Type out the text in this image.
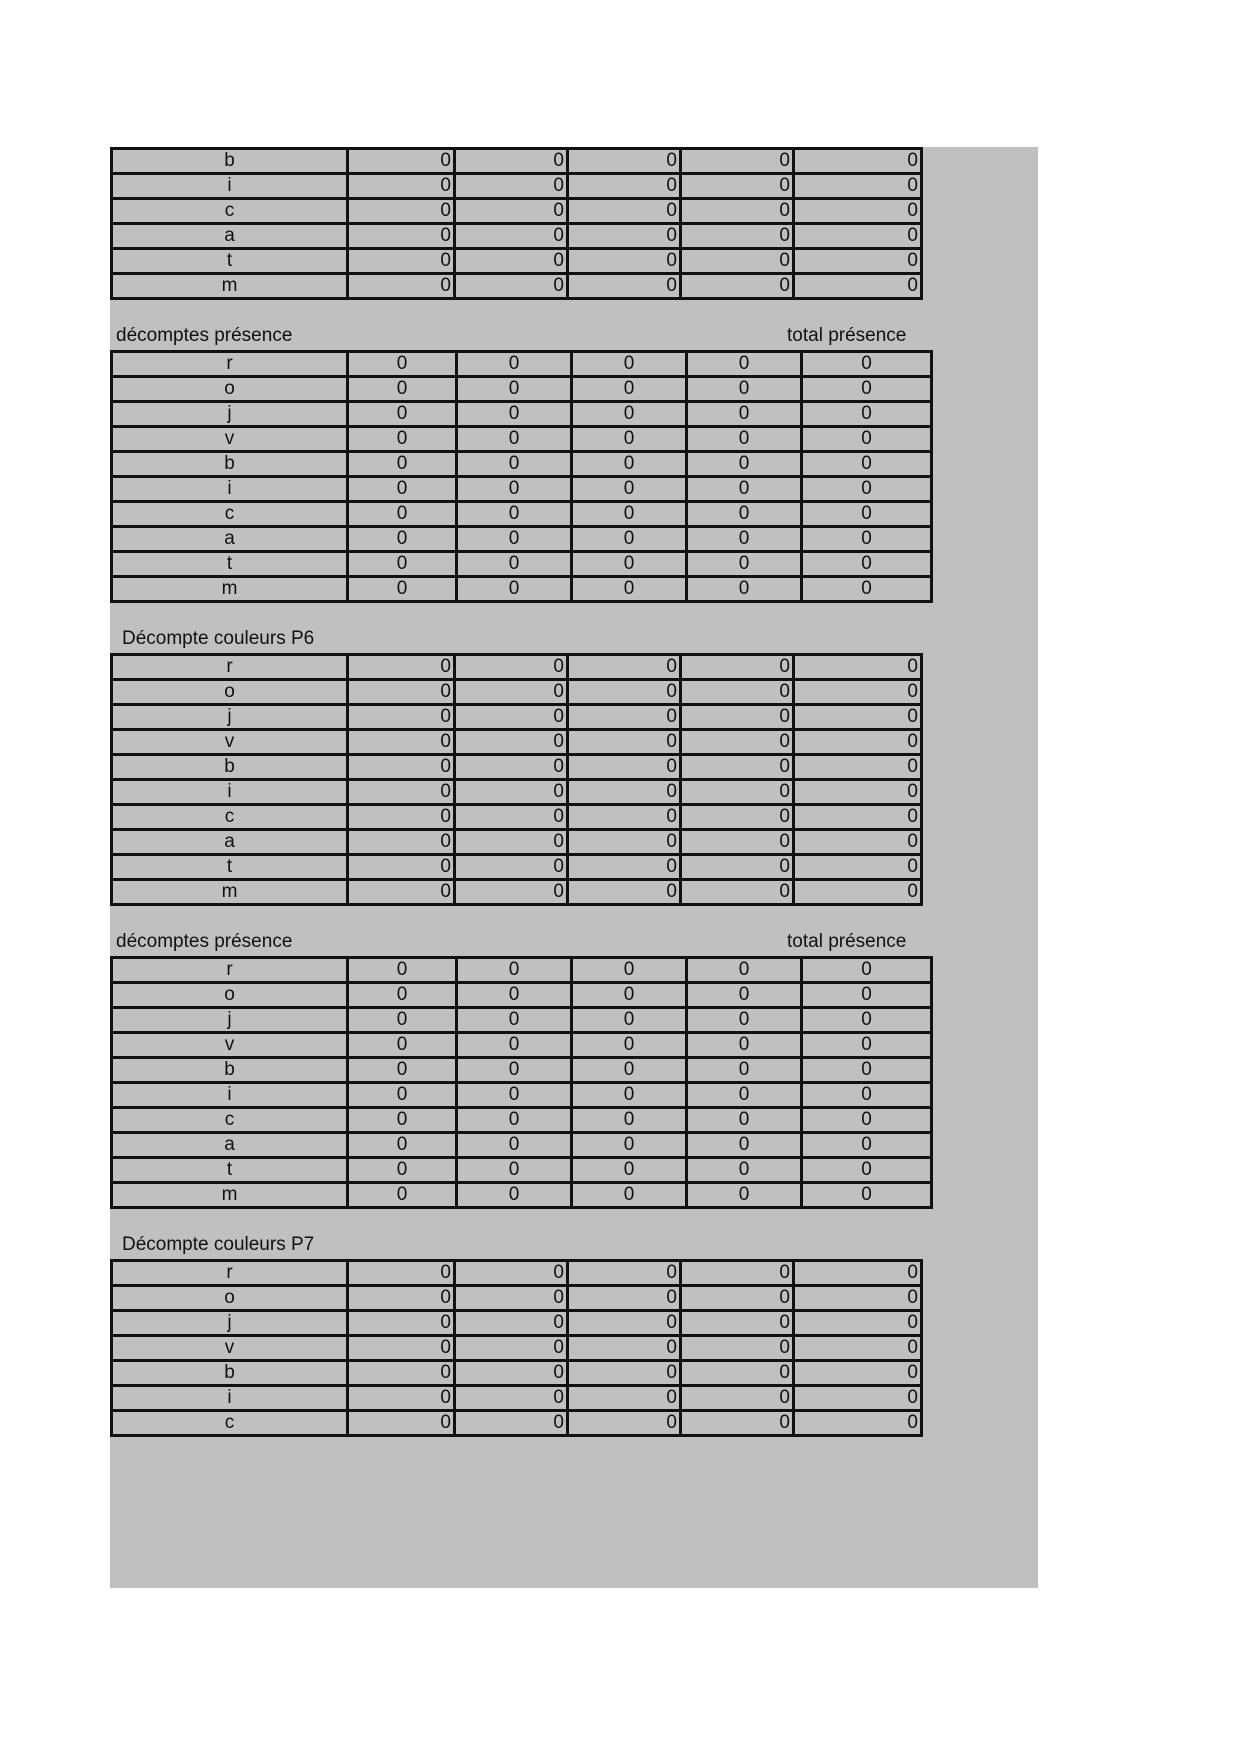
b	0	0	0	0	0
i	0	0	0	0	0
c	0	0	0	0	0
a	0	0	0	0	0
t	0	0	0	0	0
m	0	0	0	0	0
décomptes présence	total présence
r	0	0	0	0	0
o	0	0	0	0	0
j	0	0	0	0	0
v	0	0	0	0	0
b	0	0	0	0	0
i	0	0	0	0	0
c	0	0	0	0	0
a	0	0	0	0	0
t	0	0	0	0	0
m	0	0	0	0	0
Décompte couleurs P6
r	0	0	0	0	0
o	0	0	0	0	0
j	0	0	0	0	0
v	0	0	0	0	0
b	0	0	0	0	0
i	0	0	0	0	0
c	0	0	0	0	0
a	0	0	0	0	0
t	0	0	0	0	0
m	0	0	0	0	0
décomptes présence	total présence
r	0	0	0	0	0
o	0	0	0	0	0
j	0	0	0	0	0
v	0	0	0	0	0
b	0	0	0	0	0
i	0	0	0	0	0
c	0	0	0	0	0
a	0	0	0	0	0
t	0	0	0	0	0
m	0	0	0	0	0
Décompte couleurs P7
r	0	0	0	0	0
o	0	0	0	0	0
j	0	0	0	0	0
v	0	0	0	0	0
b	0	0	0	0	0
i	0	0	0	0	0
c	0	0	0	0	0
